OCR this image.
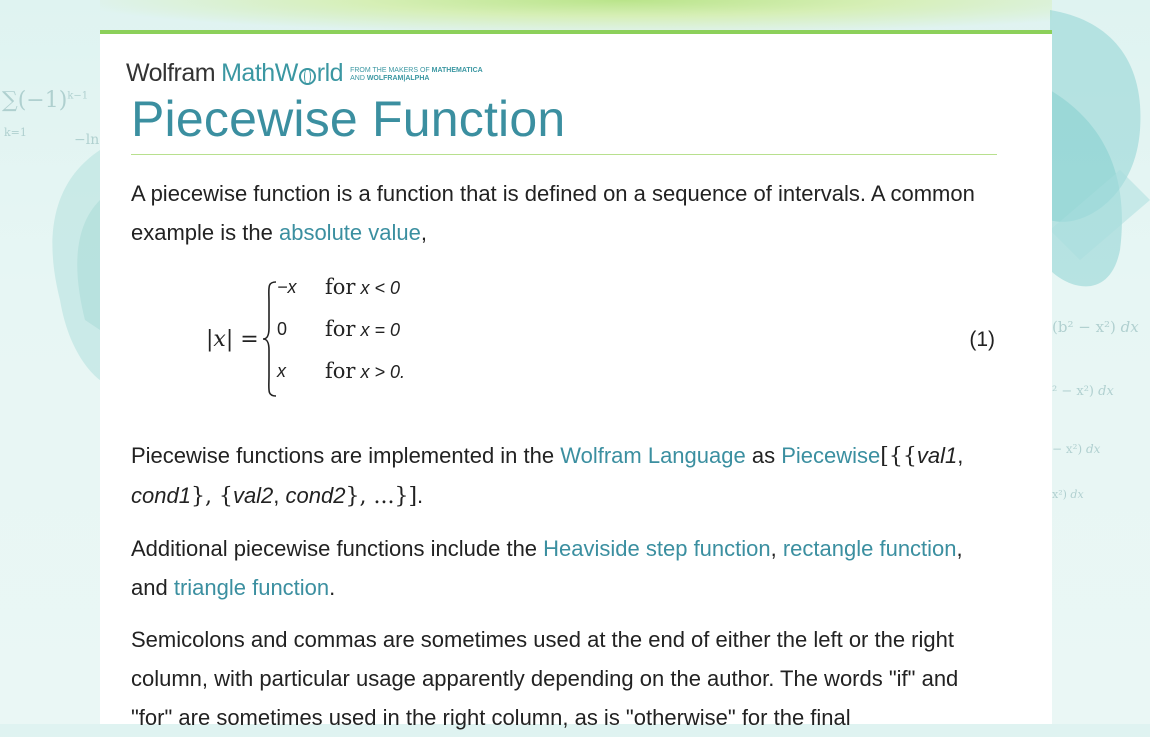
$\sum(-1)^{k-1}$
k=1	−ln
(b² − x²) dx
² − x²) dx
− x²) dx
x²) dx
Wolfram MathW rld FROM THE MAKERS OF MATHEMATICA
AND WOLFRAM|ALPHA
Piecewise Function

A piecewise function is a function that is defined on a sequence of intervals. A common example is the absolute value,

|x| =
−x for x < 0
0 for x = 0
x for x > 0.
(1)

Piecewise functions are implemented in the Wolfram Language as Piecewise[{{val1, cond1}, {val2, cond2}, ...}].

Additional piecewise functions include the Heaviside step function, rectangle function, and triangle function.

Semicolons and commas are sometimes used at the end of either the left or the right column, with particular usage apparently depending on the author. The words "if" and "for" are sometimes used in the right column, as is "otherwise" for the final
